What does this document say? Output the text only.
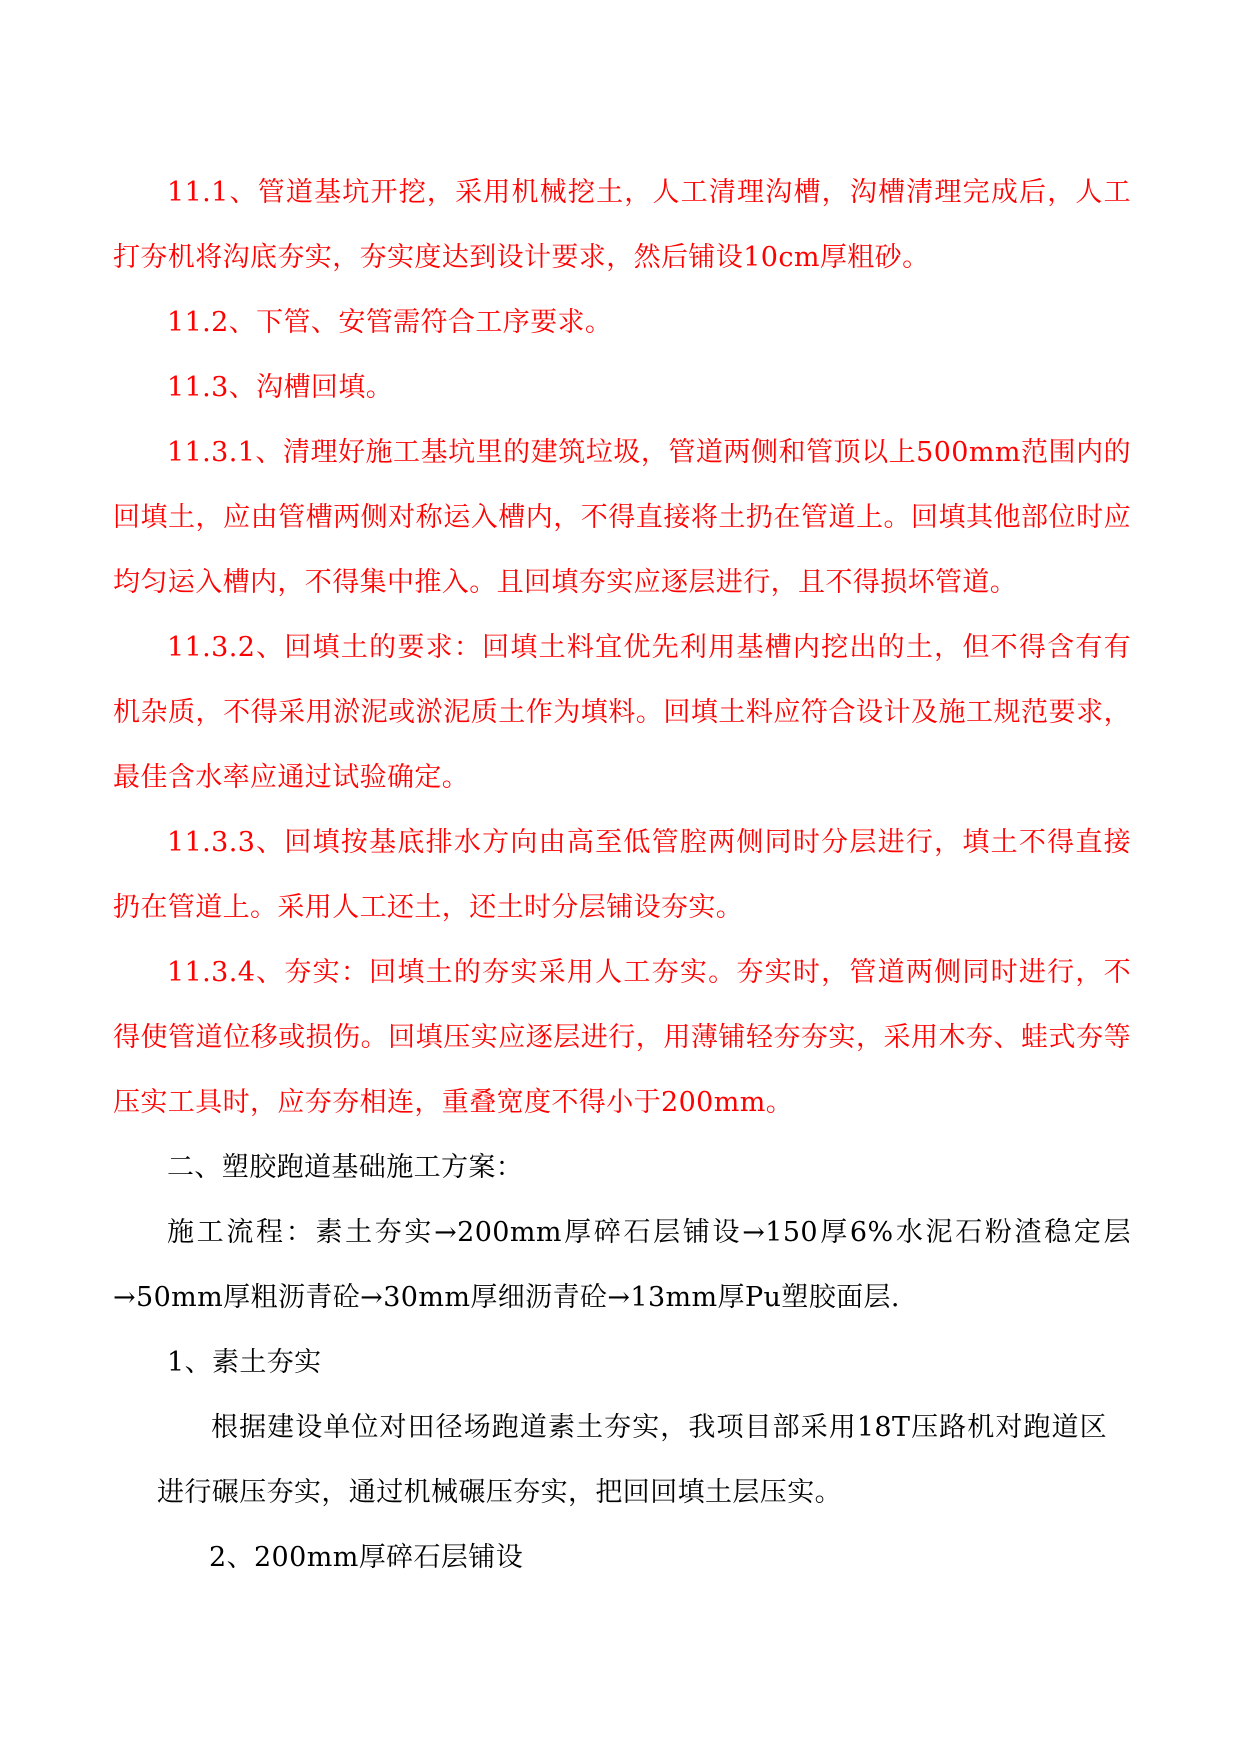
11.1、管道基坑开挖，采用机械挖土，人工清理沟槽，沟槽清理完成后，人工打夯机将沟底夯实，夯实度达到设计要求，然后铺设10cm厚粗砂。

11.2、下管、安管需符合工序要求。

11.3、沟槽回填。

11.3.1、清理好施工基坑里的建筑垃圾，管道两侧和管顶以上500mm范围内的回填土，应由管槽两侧对称运入槽内，不得直接将土扔在管道上。回填其他部位时应均匀运入槽内，不得集中推入。且回填夯实应逐层进行，且不得损坏管道。

11.3.2、回填土的要求：回填土料宜优先利用基槽内挖出的土，但不得含有有机杂质，不得采用淤泥或淤泥质土作为填料。回填土料应符合设计及施工规范要求，最佳含水率应通过试验确定。

11.3.3、回填按基底排水方向由高至低管腔两侧同时分层进行，填土不得直接扔在管道上。采用人工还土，还土时分层铺设夯实。

11.3.4、夯实：回填土的夯实采用人工夯实。夯实时，管道两侧同时进行，不得使管道位移或损伤。回填压实应逐层进行，用薄铺轻夯夯实，采用木夯、蛙式夯等压实工具时，应夯夯相连，重叠宽度不得小于200mm。

二、塑胶跑道基础施工方案：

施工流程：素土夯实→200mm厚碎石层铺设→150厚6%水泥石粉渣稳定层→50mm厚粗沥青砼→30mm厚细沥青砼→13mm厚Pu塑胶面层.

1、素土夯实

根据建设单位对田径场跑道素土夯实，我项目部采用18T压路机对跑道区进行碾压夯实，通过机械碾压夯实，把回回填土层压实。

2、200mm厚碎石层铺设
